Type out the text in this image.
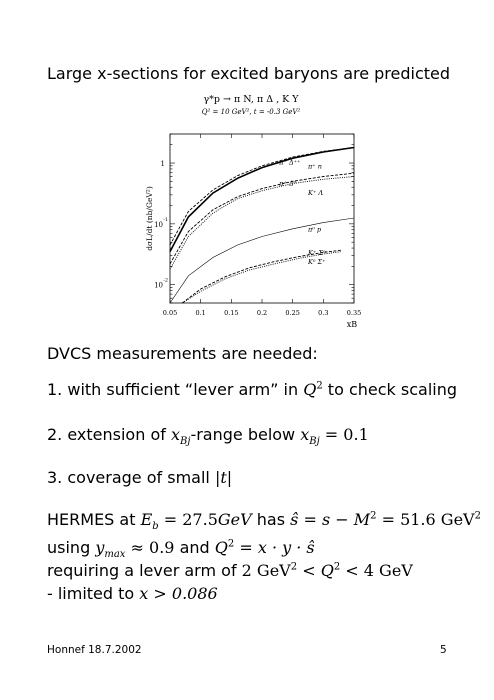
Large x-sections for excited baryons are predicted
γ*p → π N, π Δ , K Y
Q² = 10 GeV², t = -0.3 GeV²
0.05	0.1	0.15	0.2	0.25	0.3	0.35
1
10
-1
10
-2
dσL/dt (nb/GeV²)
xB
π⁻ Δ⁺⁺ π⁺ n
π⁺ Δ⁰
K⁺ Λ
π⁰ p
K⁺ Σ⁰
K⁰ Σ⁺
DVCS measurements are needed:
1. with sufficient “lever arm” in $Q^2$ to check scaling
2. extension of $x_{Bj}$-range below $x_{Bj} = 0.1$
3. coverage of small |t|
HERMES at $E_b = 27.5GeV$ has ŝ = $s - M^2 = 51.6$ GeV$^2$
using $y_{max} \approx 0.9$ and $Q^2 = x \cdot y$ · ŝ
requiring a lever arm of 2 $GeV^2 < Q^2 < 4$ GeV
- limited to x > 0.086
Honnef 18.7.2002	5
